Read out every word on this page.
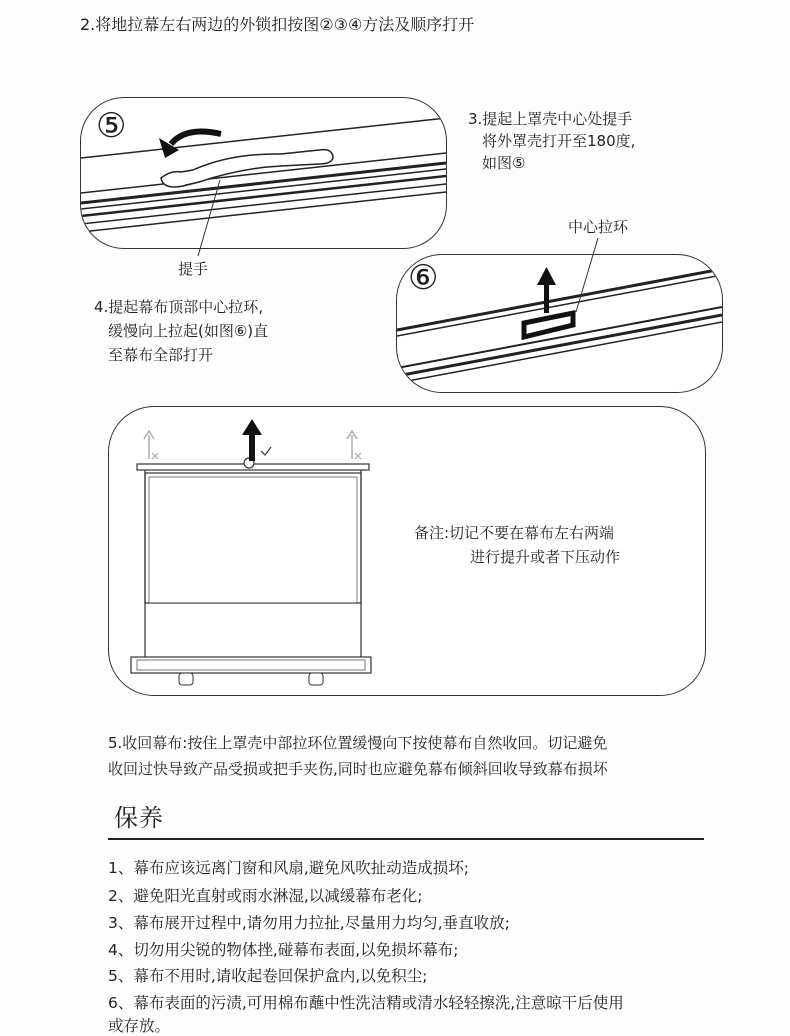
2.将地拉幕左右两边的外锁扣按图②③④方法及顺序打开
⑤
提手
3.提起上罩壳中心处提手
将外罩壳打开至180度,
如图⑤
中心拉环
⑥
4.提起幕布顶部中心拉环,
缓慢向上拉起(如图⑥)直
至幕布全部打开
备注:切记不要在幕布左右两端
进行提升或者下压动作
5.收回幕布:按住上罩壳中部拉环位置缓慢向下按使幕布自然收回。切记避免
收回过快导致产品受损或把手夹伤,同时也应避免幕布倾斜回收导致幕布损坏
保养
1、幕布应该远离门窗和风扇,避免风吹扯动造成损坏;
2、避免阳光直射或雨水淋湿,以减缓幕布老化;
3、幕布展开过程中,请勿用力拉扯,尽量用力均匀,垂直收放;
4、切勿用尖锐的物体挫,碰幕布表面,以免损坏幕布;
5、幕布不用时,请收起卷回保护盒内,以免积尘;
6、幕布表面的污渍,可用棉布蘸中性洗洁精或清水轻轻擦洗,注意晾干后使用
或存放。
